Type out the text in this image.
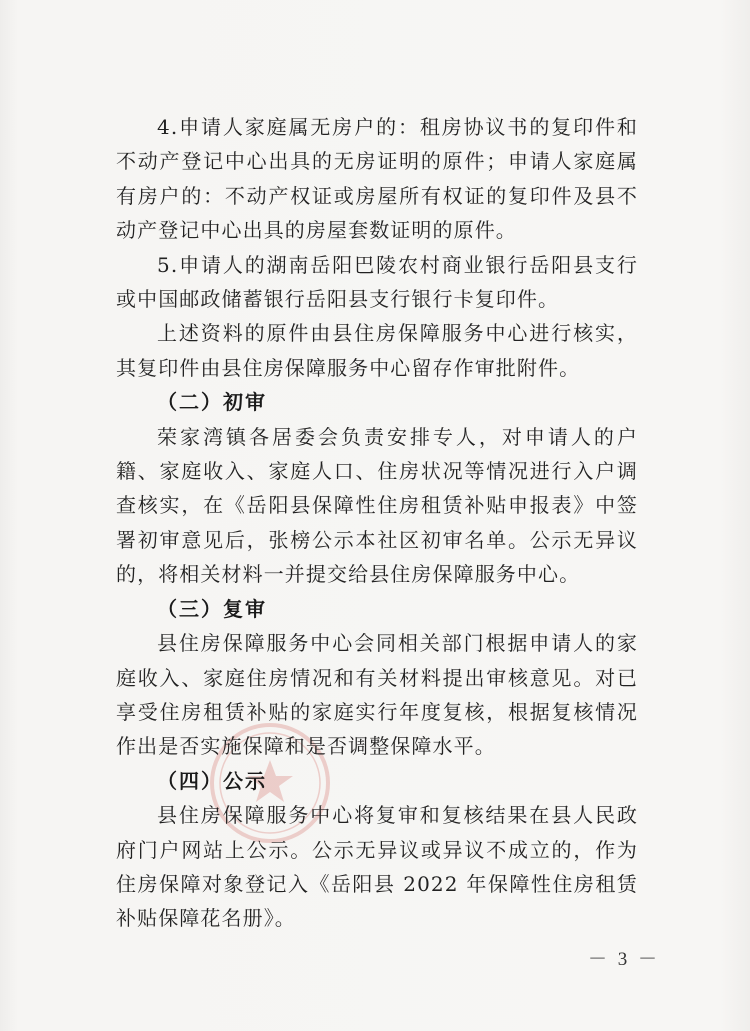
4.申请人家庭属无房户的：租房协议书的复印件和不动产登记中心出具的无房证明的原件；申请人家庭属有房户的：不动产权证或房屋所有权证的复印件及县不动产登记中心出具的房屋套数证明的原件。

5.申请人的湖南岳阳巴陵农村商业银行岳阳县支行或中国邮政储蓄银行岳阳县支行银行卡复印件。

上述资料的原件由县住房保障服务中心进行核实，其复印件由县住房保障服务中心留存作审批附件。

（二）初审

荣家湾镇各居委会负责安排专人，对申请人的户籍、家庭收入、家庭人口、住房状况等情况进行入户调查核实，在《岳阳县保障性住房租赁补贴申报表》中签署初审意见后，张榜公示本社区初审名单。公示无异议的，将相关材料一并提交给县住房保障服务中心。

（三）复审

县住房保障服务中心会同相关部门根据申请人的家庭收入、家庭住房情况和有关材料提出审核意见。对已享受住房租赁补贴的家庭实行年度复核，根据复核情况作出是否实施保障和是否调整保障水平。

（四）公示

县住房保障服务中心将复审和复核结果在县人民政府门户网站上公示。公示无异议或异议不成立的，作为住房保障对象登记入《岳阳县 2022 年保障性住房租赁补贴保障花名册》。

－ 3 －
